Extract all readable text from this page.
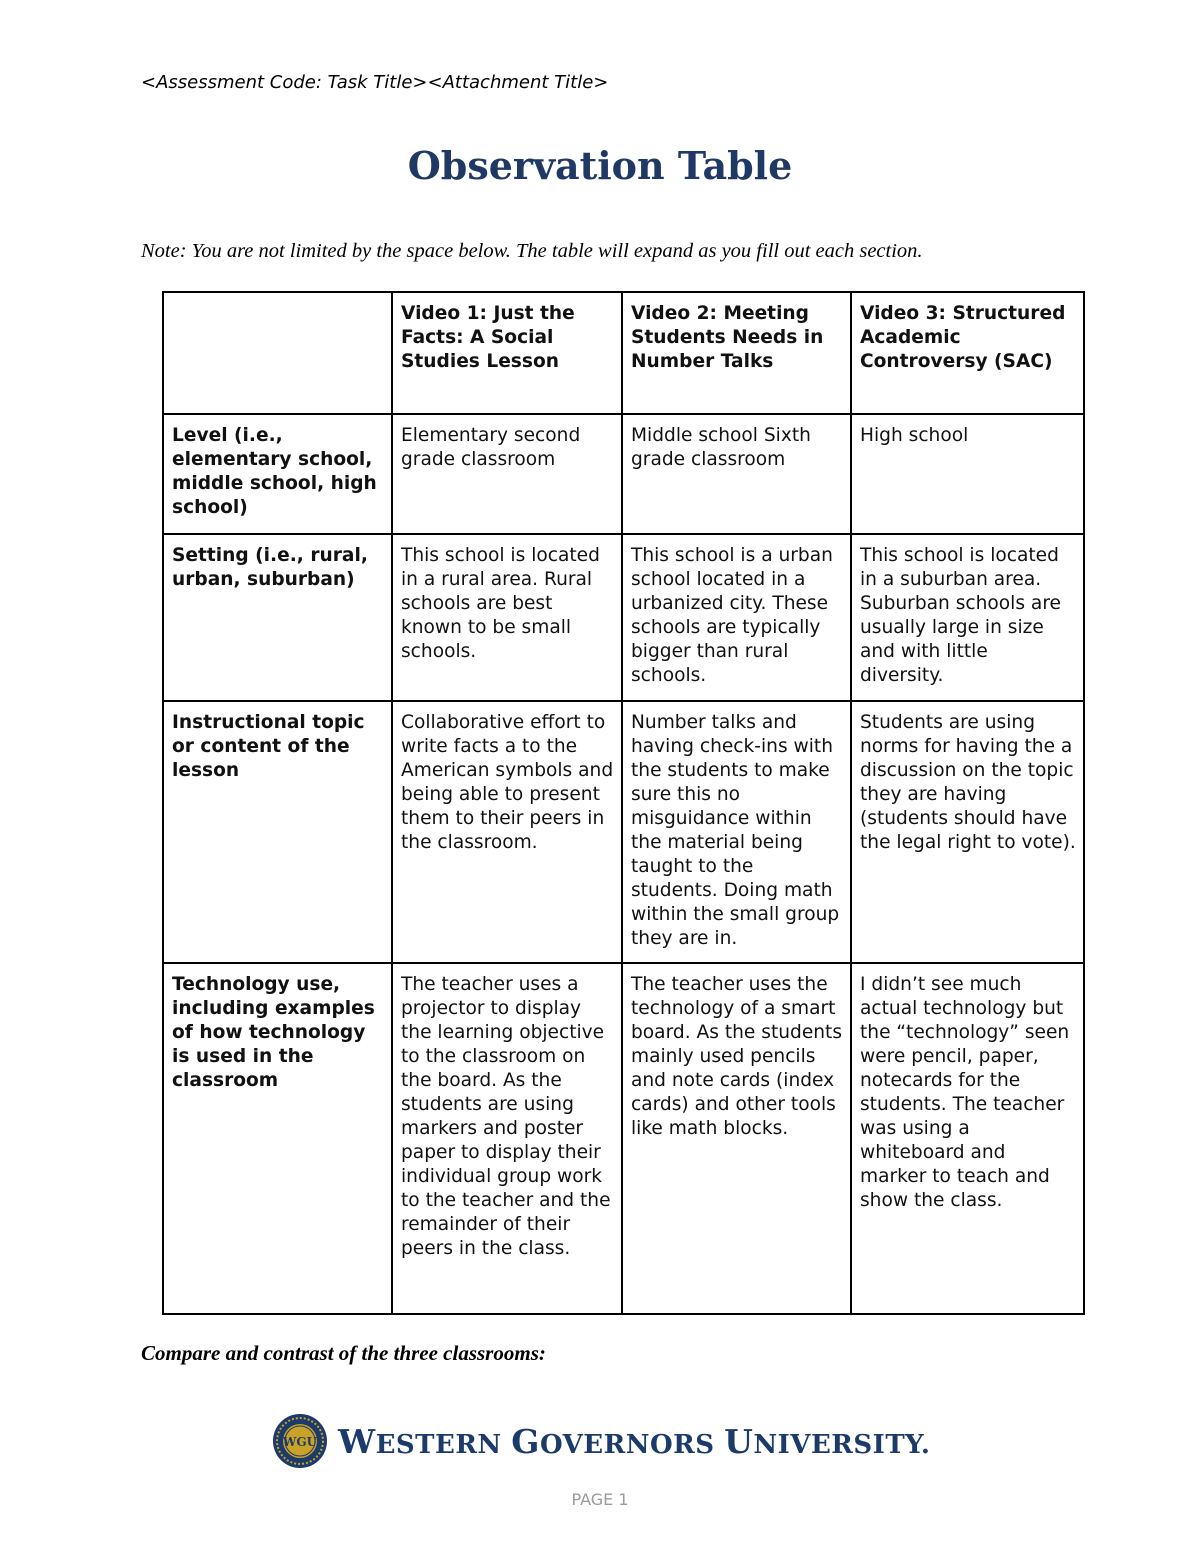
<Assessment Code: Task Title><Attachment Title>
Observation Table
Note: You are not limited by the space below. The table will expand as you fill out each section.
	Video 1: Just the Facts: A Social Studies Lesson	Video 2: Meeting Students Needs in Number Talks	Video 3: Structured Academic Controversy (SAC)
Level (i.e., elementary school, middle school, high school)	Elementary second grade classroom	Middle school Sixth grade classroom	High school
Setting (i.e., rural, urban, suburban)	This school is located in a rural area. Rural schools are best known to be small schools.	This school is a urban school located in a urbanized city. These schools are typically bigger than rural schools.	This school is located in a suburban area. Suburban schools are usually large in size and with little diversity.
Instructional topic or content of the lesson	Collaborative effort to write facts a to the American symbols and being able to present them to their peers in the classroom.	Number talks and having check-ins with the students to make sure this no misguidance within the material being taught to the students. Doing math within the small group they are in.	Students are using norms for having the a discussion on the topic they are having (students should have the legal right to vote).
Technology use, including examples of how technology is used in the classroom	The teacher uses a projector to display the learning objective to the classroom on the board. As the students are using markers and poster paper to display their individual group work to the teacher and the remainder of their peers in the class.	The teacher uses the technology of a smart board. As the students mainly used pencils and note cards (index cards) and other tools like math blocks.	I didn’t see much actual technology but the “technology” seen were pencil, paper, notecards for the students. The teacher was using a whiteboard and marker to teach and show the class.
Compare and contrast of the three classrooms:
WGU WESTERN GOVERNORS UNIVERSITY.
PAGE 1
